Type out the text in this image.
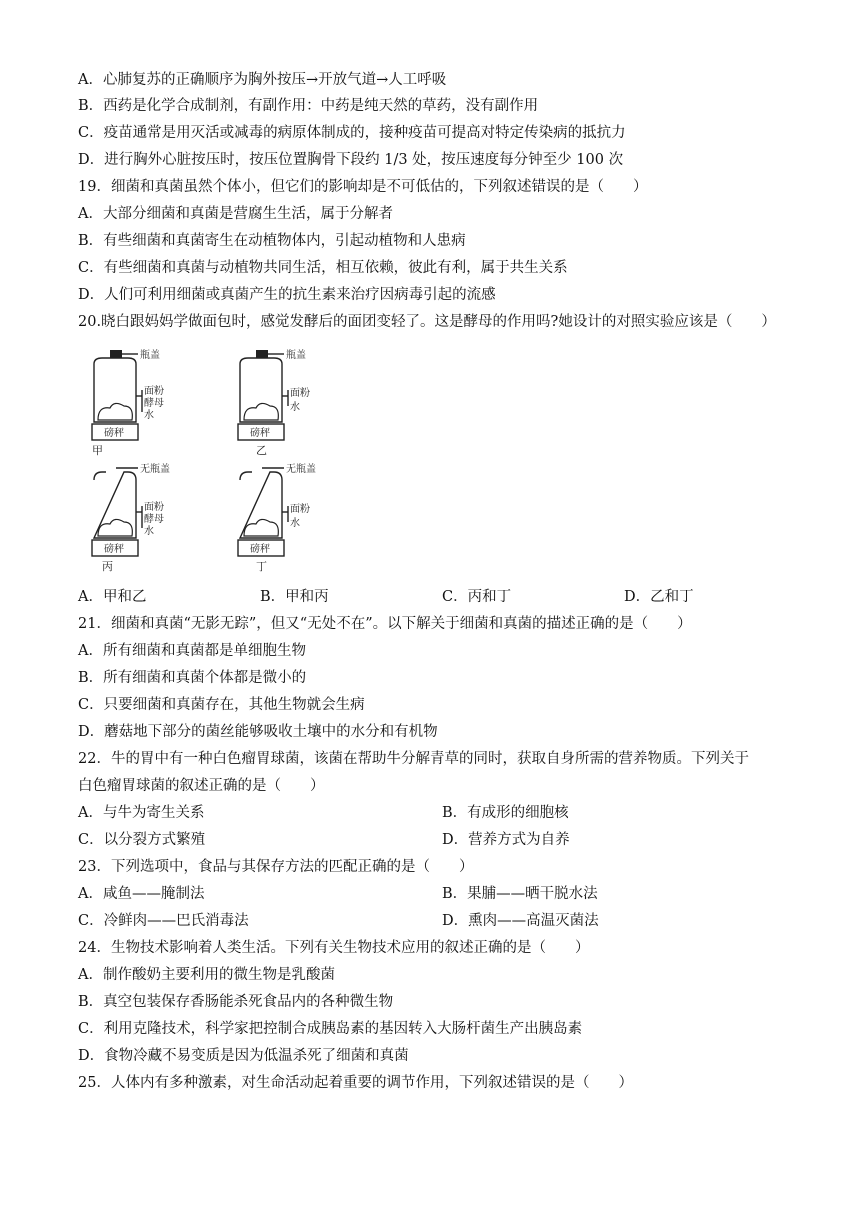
A．心肺复苏的正确顺序为胸外按压→开放气道→人工呼吸
B．西药是化学合成制剂，有副作用：中药是纯天然的草药，没有副作用
C．疫苗通常是用灭活或减毒的病原体制成的，接种疫苗可提高对特定传染病的抵抗力
D．进行胸外心脏按压时，按压位置胸骨下段约 1/3 处，按压速度每分钟至少 100 次
19．细菌和真菌虽然个体小，但它们的影响却是不可低估的，下列叙述错误的是（　　）
A．大部分细菌和真菌是营腐生生活，属于分解者
B．有些细菌和真菌寄生在动植物体内，引起动植物和人患病
C．有些细菌和真菌与动植物共同生活，相互依赖，彼此有利，属于共生关系
D．人们可利用细菌或真菌产生的抗生素来治疗因病毒引起的流感
20.晓白跟妈妈学做面包时，感觉发酵后的面团变轻了。这是酵母的作用吗?她设计的对照实验应该是（　　）
瓶盖
面粉
酵母
水
磅秤
甲
瓶盖
面粉
水
磅秤
乙
无瓶盖
面粉
酵母
水
磅秤
丙
无瓶盖
面粉
水
磅秤
丁
A．甲和乙	B．甲和丙	C．丙和丁	D．乙和丁
21．细菌和真菌“无影无踪”，但又“无处不在”。以下解关于细菌和真菌的描述正确的是（　　）
A．所有细菌和真菌都是单细胞生物
B．所有细菌和真菌个体都是微小的
C．只要细菌和真菌存在，其他生物就会生病
D．蘑菇地下部分的菌丝能够吸收土壤中的水分和有机物
22．牛的胃中有一种白色瘤胃球菌，该菌在帮助牛分解青草的同时，获取自身所需的营养物质。下列关于
白色瘤胃球菌的叙述正确的是（　　）
A．与牛为寄生关系	B．有成形的细胞核
C．以分裂方式繁殖	D．营养方式为自养
23．下列选项中，食品与其保存方法的匹配正确的是（　　）
A．咸鱼——腌制法	B．果脯——晒干脱水法
C．冷鲜肉——巴氏消毒法	D．熏肉——高温灭菌法
24．生物技术影响着人类生活。下列有关生物技术应用的叙述正确的是（　　）
A．制作酸奶主要利用的微生物是乳酸菌
B．真空包装保存香肠能杀死食品内的各种微生物
C．利用克隆技术，科学家把控制合成胰岛素的基因转入大肠杆菌生产出胰岛素
D．食物冷藏不易变质是因为低温杀死了细菌和真菌
25．人体内有多种激素，对生命活动起着重要的调节作用，下列叙述错误的是（　　）
